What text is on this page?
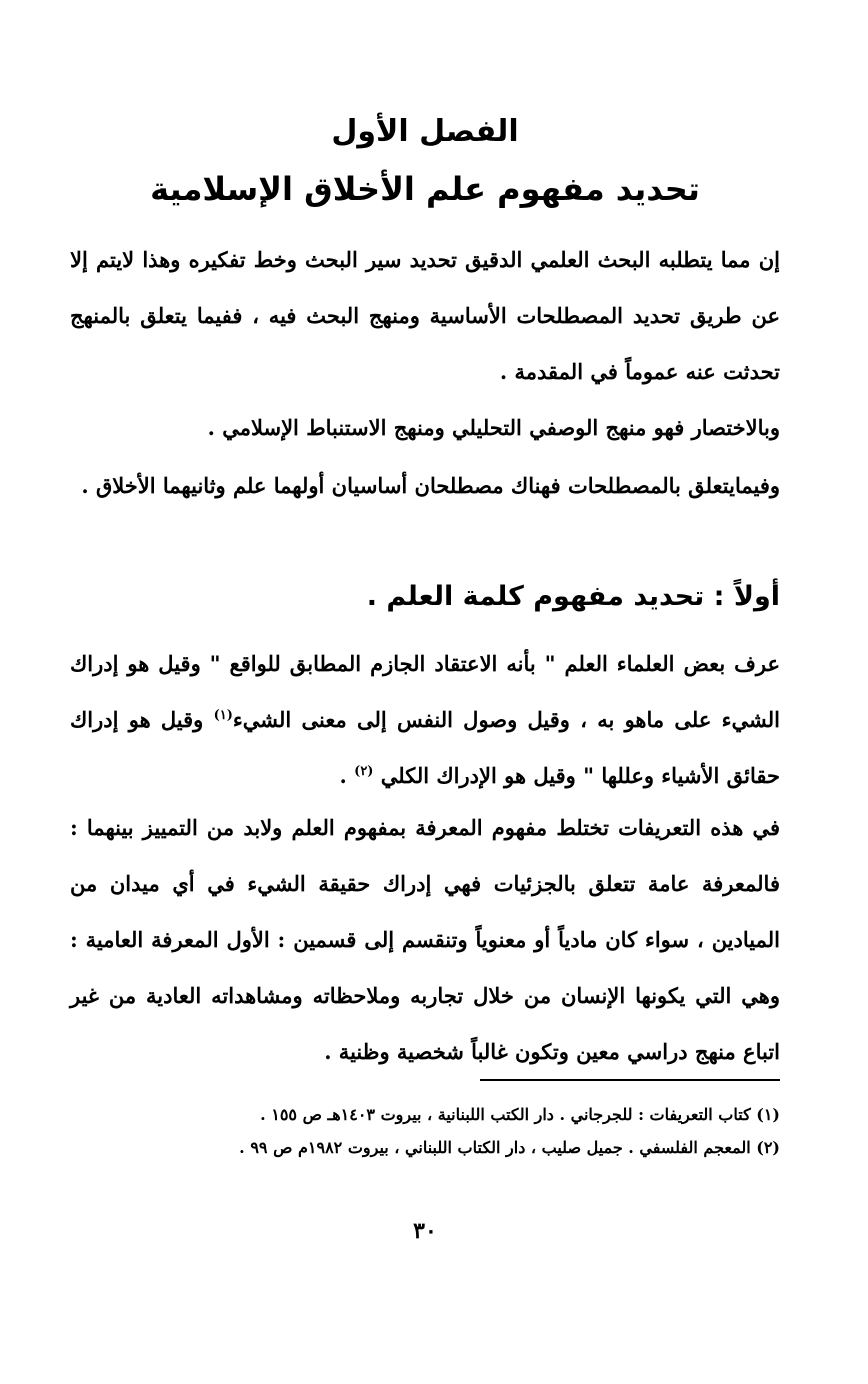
الفصل الأول
تحديد مفهوم علم الأخلاق الإسلامية

إن مما يتطلبه البحث العلمي الدقيق تحديد سير البحث وخط تفكيره وهذا لايتم إلا عن طريق تحديد المصطلحات الأساسية ومنهج البحث فيه ، ففيما يتعلق بالمنهج تحدثت عنه عموماً في المقدمة .

وبالاختصار فهو منهج الوصفي التحليلي ومنهج الاستنباط الإسلامي .

وفيمايتعلق بالمصطلحات فهناك مصطلحان أساسيان أولهما علم وثانيهما الأخلاق .

أولاً : تحديد مفهوم كلمة العلم .

عرف بعض العلماء العلم " بأنه الاعتقاد الجازم المطابق للواقع " وقيل هو إدراك الشيء على ماهو به ، وقيل وصول النفس إلى معنى الشيء$^{(١)}$ وقيل هو إدراك حقائق الأشياء وعللها " وقيل هو الإدراك الكلي $^{(٢)}$ .

في هذه التعريفات تختلط مفهوم المعرفة بمفهوم العلم ولابد من التمييز بينهما : فالمعرفة عامة تتعلق بالجزئيات فهي إدراك حقيقة الشيء في أي ميدان من الميادين ، سواء كان مادياً أو معنوياً وتنقسم إلى قسمين : الأول المعرفة العامية : وهي التي يكونها الإنسان من خلال تجاربه وملاحظاته ومشاهداته العادية من غير اتباع منهج دراسي معين وتكون غالباً شخصية وظنية .

(١) كتاب التعريفات : للجرجاني . دار الكتب اللبنانية ، بيروت ١٤٠٣هـ ص ١٥٥ .
(٢) المعجم الفلسفي . جميل صليب ، دار الكتاب اللبناني ، بيروت ١٩٨٢م ص ٩٩ .
٣٠
